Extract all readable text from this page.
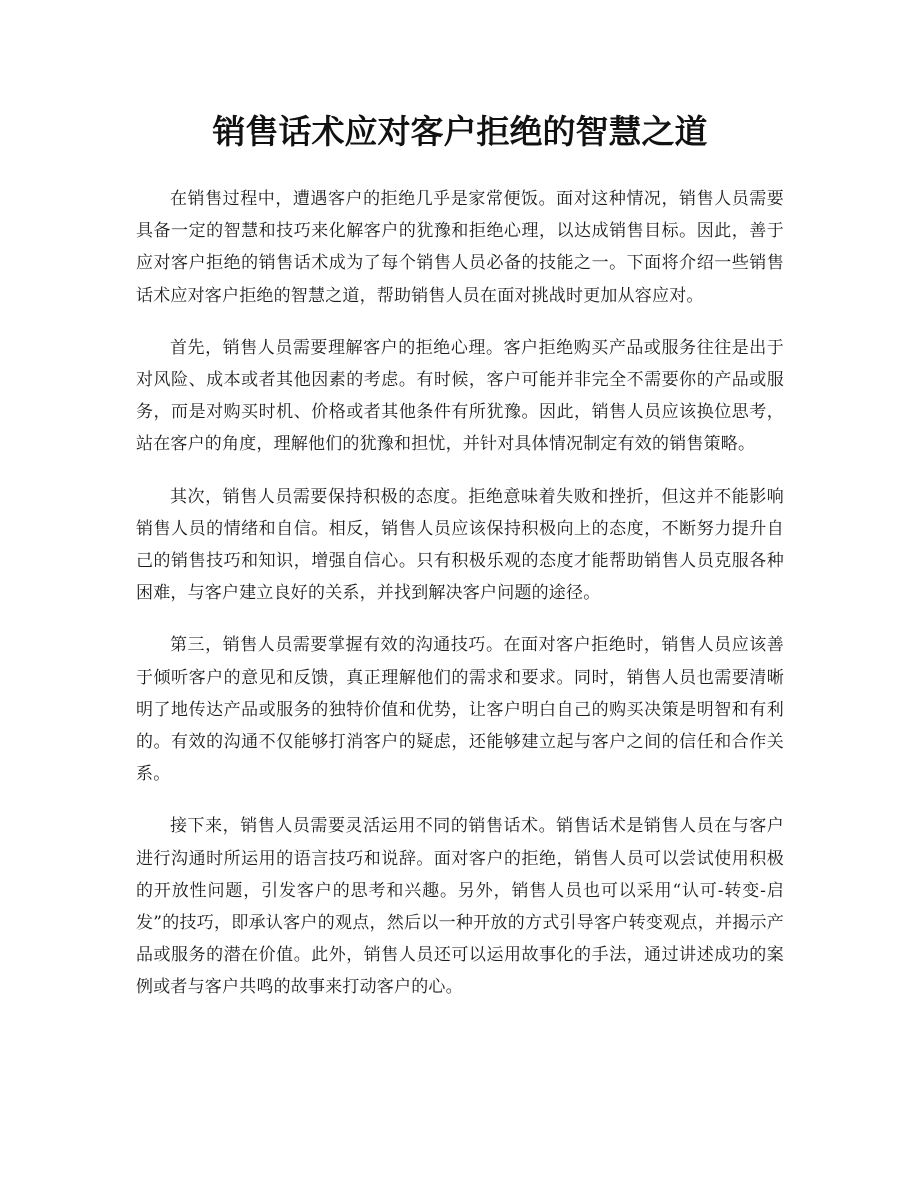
销售话术应对客户拒绝的智慧之道

在销售过程中，遭遇客户的拒绝几乎是家常便饭。面对这种情况，销售人员需要具备一定的智慧和技巧来化解客户的犹豫和拒绝心理，以达成销售目标。因此，善于应对客户拒绝的销售话术成为了每个销售人员必备的技能之一。下面将介绍一些销售话术应对客户拒绝的智慧之道，帮助销售人员在面对挑战时更加从容应对。

首先，销售人员需要理解客户的拒绝心理。客户拒绝购买产品或服务往往是出于对风险、成本或者其他因素的考虑。有时候，客户可能并非完全不需要你的产品或服务，而是对购买时机、价格或者其他条件有所犹豫。因此，销售人员应该换位思考，站在客户的角度，理解他们的犹豫和担忧，并针对具体情况制定有效的销售策略。

其次，销售人员需要保持积极的态度。拒绝意味着失败和挫折，但这并不能影响销售人员的情绪和自信。相反，销售人员应该保持积极向上的态度，不断努力提升自己的销售技巧和知识，增强自信心。只有积极乐观的态度才能帮助销售人员克服各种困难，与客户建立良好的关系，并找到解决客户问题的途径。

第三，销售人员需要掌握有效的沟通技巧。在面对客户拒绝时，销售人员应该善于倾听客户的意见和反馈，真正理解他们的需求和要求。同时，销售人员也需要清晰明了地传达产品或服务的独特价值和优势，让客户明白自己的购买决策是明智和有利的。有效的沟通不仅能够打消客户的疑虑，还能够建立起与客户之间的信任和合作关系。

接下来，销售人员需要灵活运用不同的销售话术。销售话术是销售人员在与客户进行沟通时所运用的语言技巧和说辞。面对客户的拒绝，销售人员可以尝试使用积极的开放性问题，引发客户的思考和兴趣。另外，销售人员也可以采用“认可-转变-启发”的技巧，即承认客户的观点，然后以一种开放的方式引导客户转变观点，并揭示产品或服务的潜在价值。此外，销售人员还可以运用故事化的手法，通过讲述成功的案例或者与客户共鸣的故事来打动客户的心。
